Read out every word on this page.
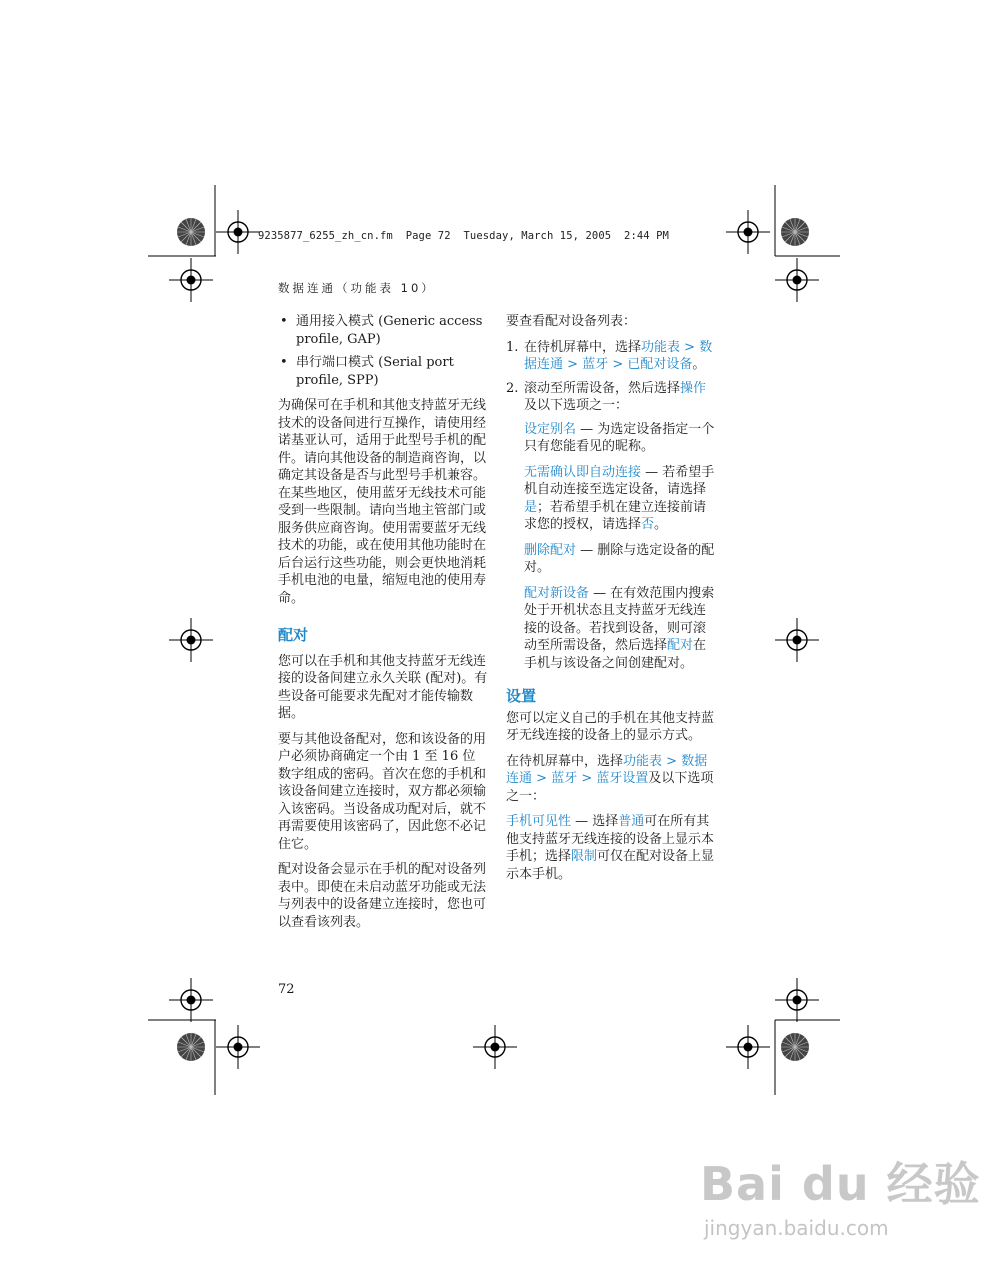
9235877_6255_zh_cn.fm  Page 72  Tuesday, March 15, 2005  2:44 PM
数据连通（功能表 10）
• 通用接入模式 (Generic access profile, GAP)
• 串行端口模式 (Serial port profile, SPP)

为确保可在手机和其他支持蓝牙无线技术的设备间进行互操作，请使用经诺基亚认可，适用于此型号手机的配件。请向其他设备的制造商咨询，以确定其设备是否与此型号手机兼容。在某些地区，使用蓝牙无线技术可能受到一些限制。请向当地主管部门或服务供应商咨询。使用需要蓝牙无线技术的功能，或在使用其他功能时在后台运行这些功能，则会更快地消耗手机电池的电量，缩短电池的使用寿命。

配对

您可以在手机和其他支持蓝牙无线连接的设备间建立永久关联 (配对)。有些设备可能要求先配对才能传输数据。

要与其他设备配对，您和该设备的用户必须协商确定一个由 1 至 16 位数字组成的密码。首次在您的手机和该设备间建立连接时，双方都必须输入该密码。当设备成功配对后，就不再需要使用该密码了，因此您不必记住它。

配对设备会显示在手机的配对设备列表中。即使在未启动蓝牙功能或无法与列表中的设备建立连接时，您也可以查看该列表。

要查看配对设备列表：

1. 在待机屏幕中，选择功能表 > 数据连通 > 蓝牙 > 已配对设备。
2. 滚动至所需设备，然后选择操作及以下选项之一：

设定别名 — 为选定设备指定一个只有您能看见的昵称。

无需确认即自动连接 — 若希望手机自动连接至选定设备，请选择是；若希望手机在建立连接前请求您的授权，请选择否。

删除配对 — 删除与选定设备的配对。

配对新设备 — 在有效范围内搜索处于开机状态且支持蓝牙无线连接的设备。若找到设备，则可滚动至所需设备，然后选择配对在手机与该设备之间创建配对。

设置

您可以定义自己的手机在其他支持蓝牙无线连接的设备上的显示方式。

在待机屏幕中，选择功能表 > 数据连通 > 蓝牙 > 蓝牙设置及以下选项之一：

手机可见性 — 选择普通可在所有其他支持蓝牙无线连接的设备上显示本手机；选择限制可仅在配对设备上显示本手机。

72
Bai du 经验
jingyan.baidu.com
